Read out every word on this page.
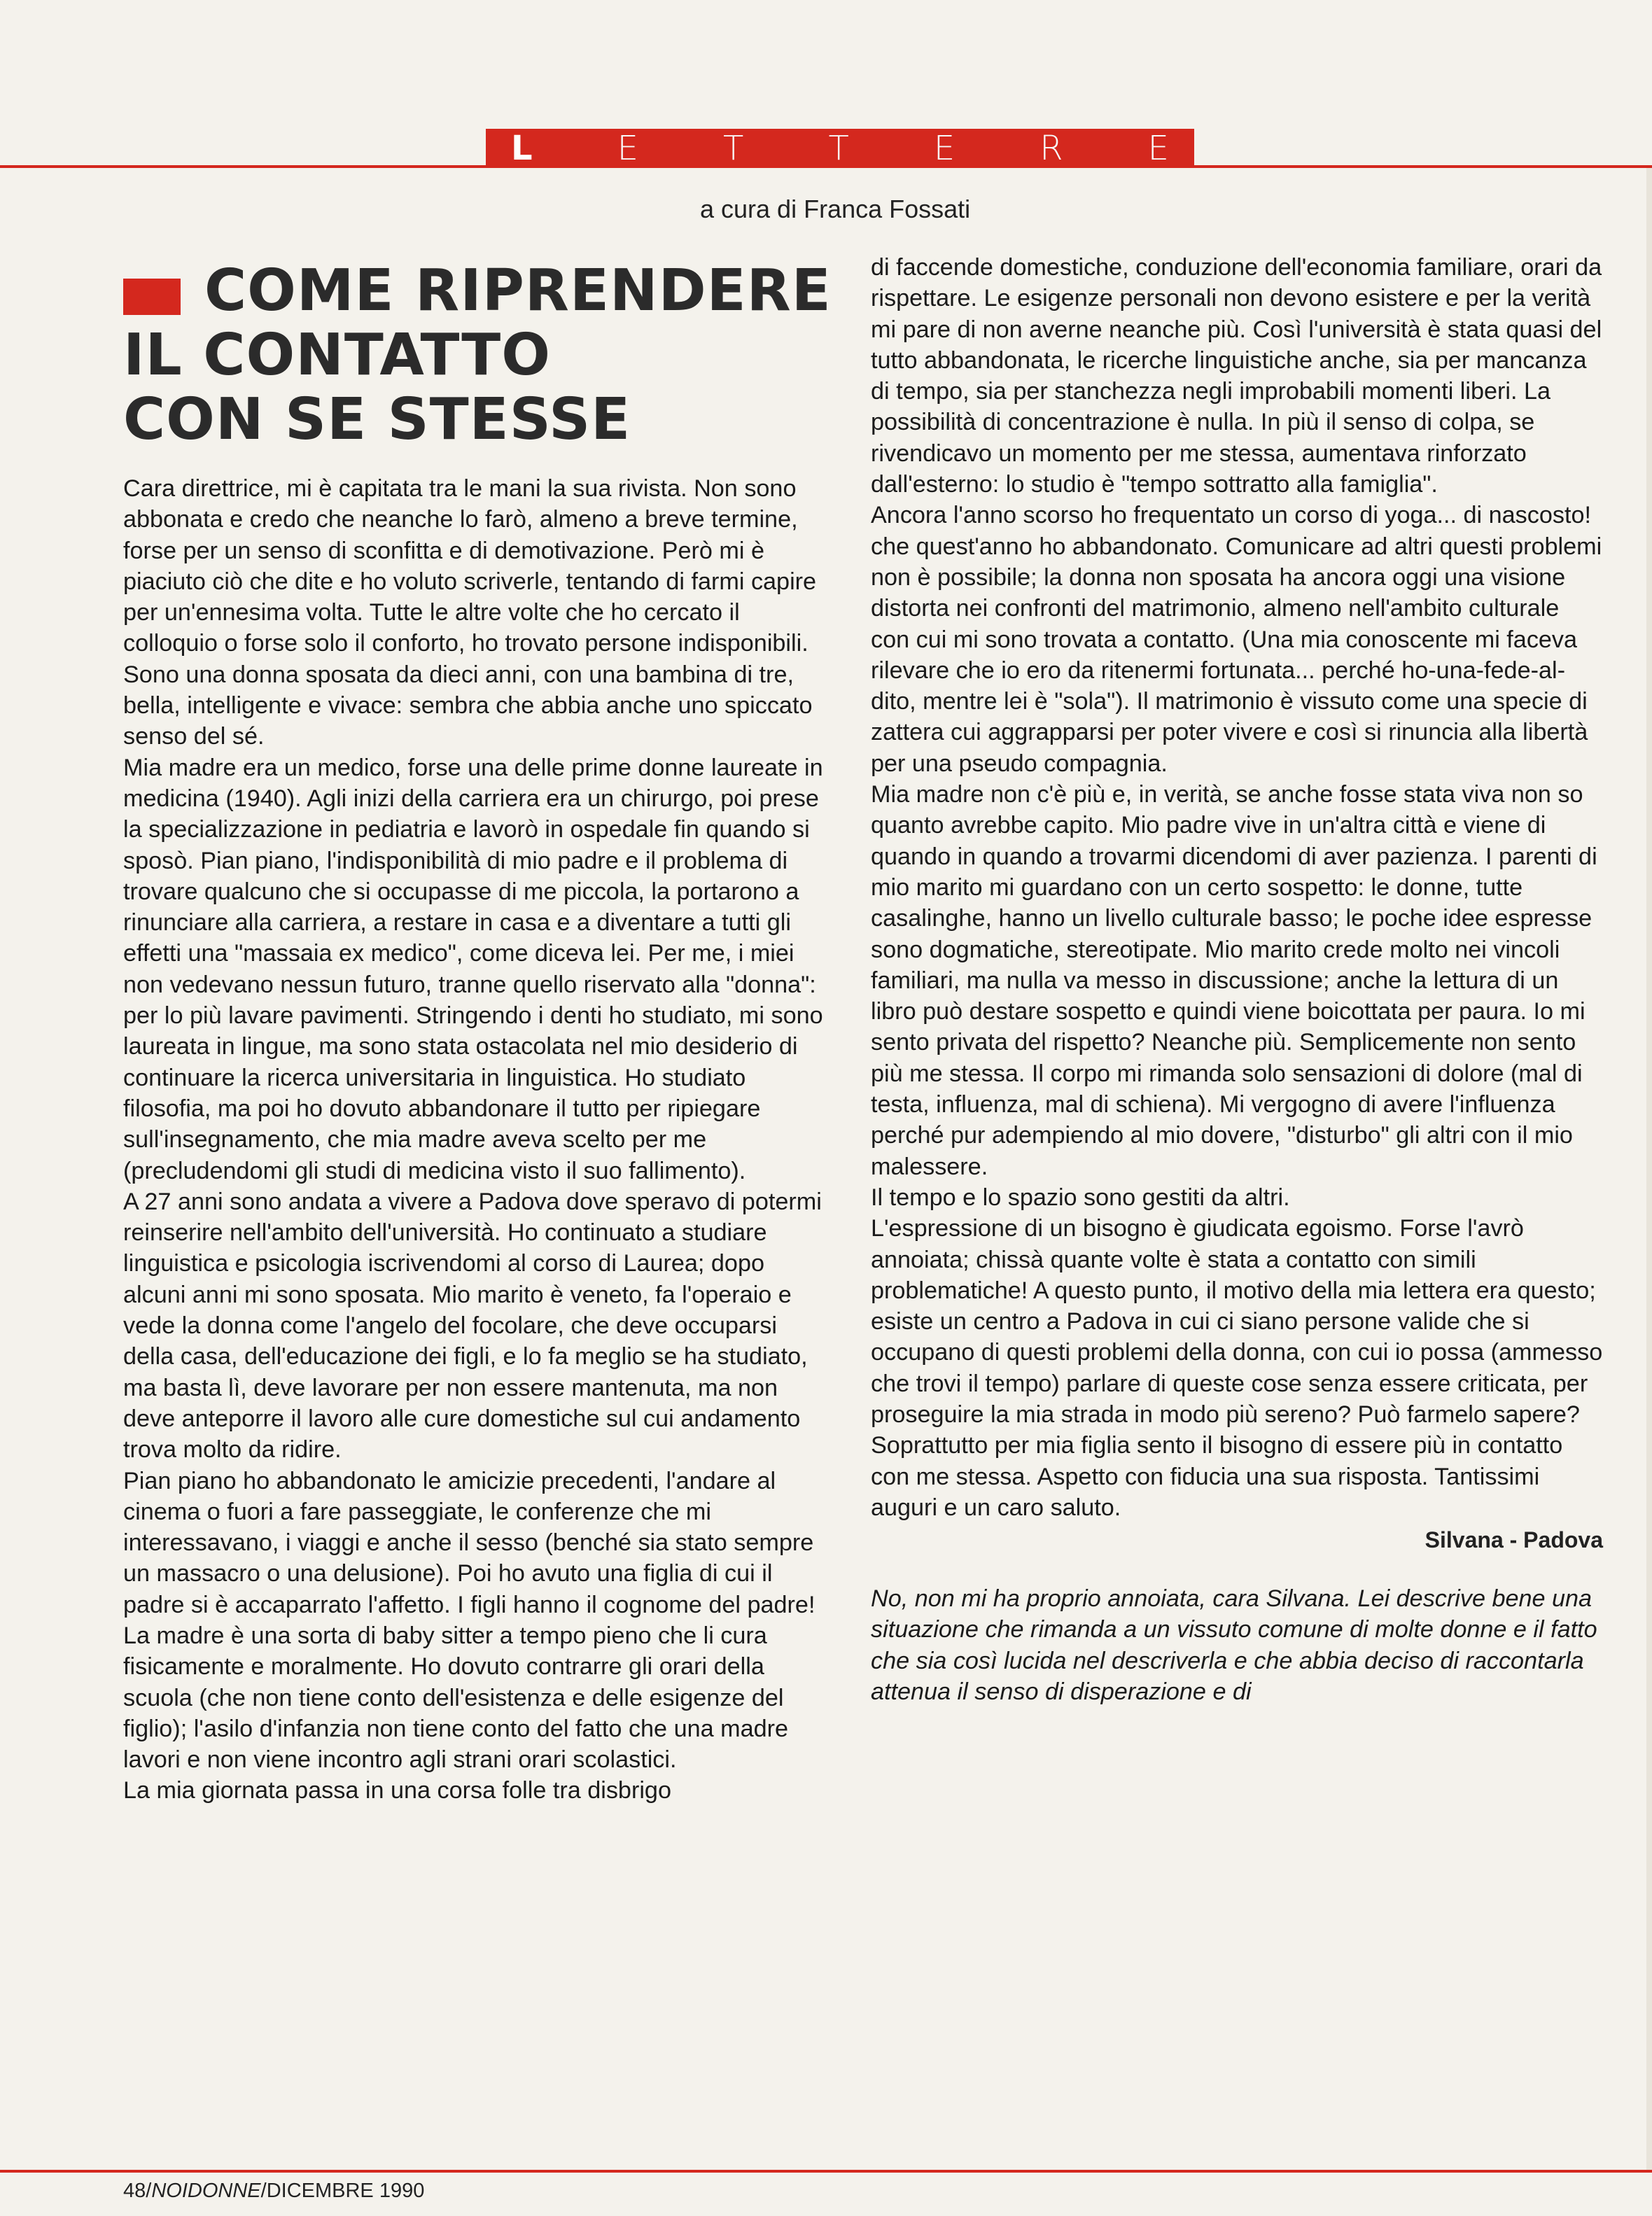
L	E	T	T	E	R	E
a cura di Franca Fossati
COME RIPRENDERE
IL CONTATTO
CON SE STESSE

Cara direttrice, mi è capitata tra le mani la sua rivista. Non sono abbonata e credo che neanche lo farò, almeno a breve termine, forse per un senso di sconfitta e di demotivazione. Però mi è piaciuto ciò che dite e ho voluto scriverle, tentando di farmi capire per un'ennesima volta. Tutte le altre volte che ho cercato il colloquio o forse solo il conforto, ho trovato persone indisponibili. Sono una donna sposata da dieci anni, con una bambina di tre, bella, intelligente e vivace: sembra che abbia anche uno spiccato senso del sé.

Mia madre era un medico, forse una delle prime donne laureate in medicina (1940). Agli inizi della carriera era un chirurgo, poi prese la specializzazione in pediatria e lavorò in ospedale fin quando si sposò. Pian piano, l'indisponibilità di mio padre e il problema di trovare qualcuno che si occupasse di me piccola, la portarono a rinunciare alla carriera, a restare in casa e a diventare a tutti gli effetti una "massaia ex medico", come diceva lei. Per me, i miei non vedevano nessun futuro, tranne quello riservato alla "donna": per lo più lavare pavimenti. Stringendo i denti ho studiato, mi sono laureata in lingue, ma sono stata ostacolata nel mio desiderio di continuare la ricerca universitaria in linguistica. Ho studiato filosofia, ma poi ho dovuto abbandonare il tutto per ripiegare sull'insegnamento, che mia madre aveva scelto per me (precludendomi gli studi di medicina visto il suo fallimento).

A 27 anni sono andata a vivere a Padova dove speravo di potermi reinserire nell'ambito dell'università. Ho continuato a studiare linguistica e psicologia iscrivendomi al corso di Laurea; dopo alcuni anni mi sono sposata. Mio marito è veneto, fa l'operaio e vede la donna come l'angelo del focolare, che deve occuparsi della casa, dell'educazione dei figli, e lo fa meglio se ha studiato, ma basta lì, deve lavorare per non essere mantenuta, ma non deve anteporre il lavoro alle cure domestiche sul cui andamento trova molto da ridire.

Pian piano ho abbandonato le amicizie precedenti, l'andare al cinema o fuori a fare passeggiate, le conferenze che mi interessavano, i viaggi e anche il sesso (benché sia stato sempre un massacro o una delusione). Poi ho avuto una figlia di cui il padre si è accaparrato l'affetto. I figli hanno il cognome del padre! La madre è una sorta di baby sitter a tempo pieno che li cura fisicamente e moralmente. Ho dovuto contrarre gli orari della scuola (che non tiene conto dell'esistenza e delle esigenze del figlio); l'asilo d'infanzia non tiene conto del fatto che una madre lavori e non viene incontro agli strani orari scolastici.

La mia giornata passa in una corsa folle tra disbrigo

di faccende domestiche, conduzione dell'economia familiare, orari da rispettare. Le esigenze personali non devono esistere e per la verità mi pare di non averne neanche più. Così l'università è stata quasi del tutto abbandonata, le ricerche linguistiche anche, sia per mancanza di tempo, sia per stanchezza negli improbabili momenti liberi. La possibilità di concentrazione è nulla. In più il senso di colpa, se rivendicavo un momento per me stessa, aumentava rinforzato dall'esterno: lo studio è "tempo sottratto alla famiglia".

Ancora l'anno scorso ho frequentato un corso di yoga... di nascosto! che quest'anno ho abbandonato. Comunicare ad altri questi problemi non è possibile; la donna non sposata ha ancora oggi una visione distorta nei confronti del matrimonio, almeno nell'ambito culturale con cui mi sono trovata a contatto. (Una mia conoscente mi faceva rilevare che io ero da ritenermi fortunata... perché ho-una-fede-al-dito, mentre lei è "sola"). Il matrimonio è vissuto come una specie di zattera cui aggrapparsi per poter vivere e così si rinuncia alla libertà per una pseudo compagnia.

Mia madre non c'è più e, in verità, se anche fosse stata viva non so quanto avrebbe capito. Mio padre vive in un'altra città e viene di quando in quando a trovarmi dicendomi di aver pazienza. I parenti di mio marito mi guardano con un certo sospetto: le donne, tutte casalinghe, hanno un livello culturale basso; le poche idee espresse sono dogmatiche, stereotipate. Mio marito crede molto nei vincoli familiari, ma nulla va messo in discussione; anche la lettura di un libro può destare sospetto e quindi viene boicottata per paura. Io mi sento privata del rispetto? Neanche più. Semplicemente non sento più me stessa. Il corpo mi rimanda solo sensazioni di dolore (mal di testa, influenza, mal di schiena). Mi vergogno di avere l'influenza perché pur adempiendo al mio dovere, "disturbo" gli altri con il mio malessere.

Il tempo e lo spazio sono gestiti da altri.

L'espressione di un bisogno è giudicata egoismo. Forse l'avrò annoiata; chissà quante volte è stata a contatto con simili problematiche! A questo punto, il motivo della mia lettera era questo; esiste un centro a Padova in cui ci siano persone valide che si occupano di questi problemi della donna, con cui io possa (ammesso che trovi il tempo) parlare di queste cose senza essere criticata, per proseguire la mia strada in modo più sereno? Può farmelo sapere? Soprattutto per mia figlia sento il bisogno di essere più in contatto con me stessa. Aspetto con fiducia una sua risposta. Tantissimi auguri e un caro saluto.

Silvana - Padova

No, non mi ha proprio annoiata, cara Silvana. Lei descrive bene una situazione che rimanda a un vissuto comune di molte donne e il fatto che sia così lucida nel descriverla e che abbia deciso di raccontarla attenua il senso di disperazione e di

48/NOIDONNE/DICEMBRE 1990
